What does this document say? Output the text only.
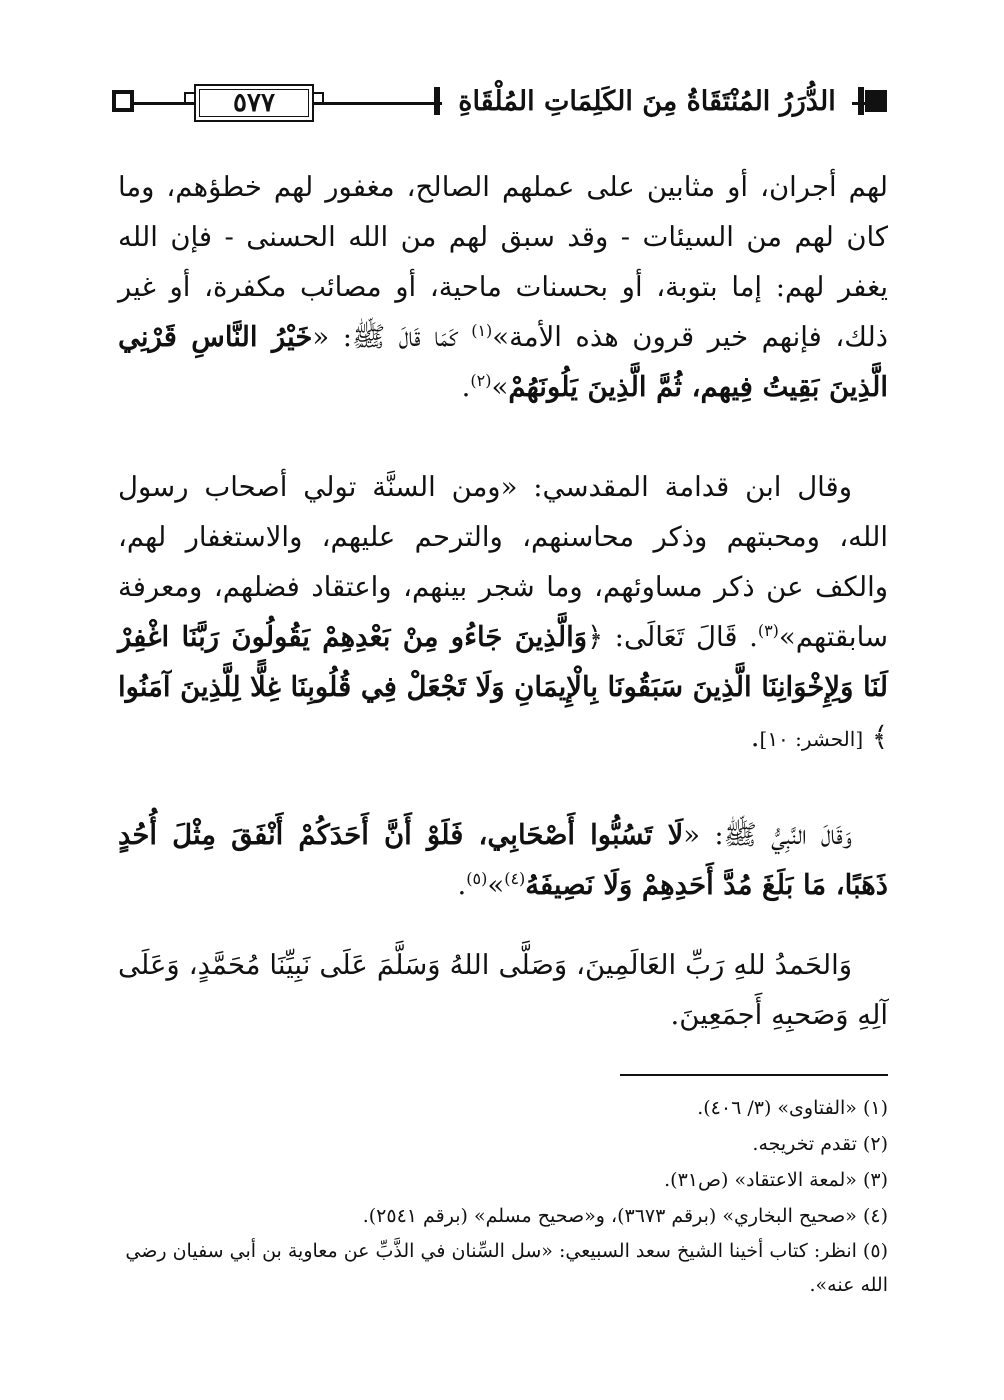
٥٧٧	الدُّرَرُ المُنْتَقَاةُ مِنَ الكَلِمَاتِ المُلْقَاةِ

لهم أجران، أو مثابين على عملهم الصالح، مغفور لهم خطؤهم، وما كان لهم من السيئات - وقد سبق لهم من الله الحسنى - فإن الله يغفر لهم: إما بتوبة، أو بحسنات ماحية، أو مصائب مكفرة، أو غير ذلك، فإنهم خير قرون هذه الأمة»$^{(١)}$ كَمَا قَالَ ﷺ: «خَيْرُ النَّاسِ قَرْنِي الَّذِينَ بَقِيتُ فِيهم، ثُمَّ الَّذِينَ يَلُونَهُمْ»$^{(٢)}$.

وقال ابن قدامة المقدسي: «ومن السنَّة تولي أصحاب رسول الله، ومحبتهم وذكر محاسنهم، والترحم عليهم، والاستغفار لهم، والكف عن ذكر مساوئهم، وما شجر بينهم، واعتقاد فضلهم، ومعرفة سابقتهم»$^{(٣)}$. قَالَ تَعَالَى: ﴿وَالَّذِينَ جَاءُو مِنْ بَعْدِهِمْ يَقُولُونَ رَبَّنَا اغْفِرْ لَنَا وَلِإِخْوَانِنَا الَّذِينَ سَبَقُونَا بِالْإِيمَانِ وَلَا تَجْعَلْ فِي قُلُوبِنَا غِلًّا لِلَّذِينَ آمَنُوا ﴾ [الحشر: ١٠].

وَقَالَ النَّبِيُّ ﷺ: «لَا تَسُبُّوا أَصْحَابِي، فَلَوْ أَنَّ أَحَدَكُمْ أَنْفَقَ مِثْلَ أُحُدٍ ذَهَبًا، مَا بَلَغَ مُدَّ أَحَدِهِمْ وَلَا نَصِيفَهُ$^{(٤)}$»$^{(٥)}$.

وَالحَمدُ للهِ رَبِّ العَالَمِينَ، وَصَلَّى اللهُ وَسَلَّمَ عَلَى نَبِيِّنَا مُحَمَّدٍ، وَعَلَى آلِهِ وَصَحبِهِ أَجمَعِينَ.

(١) «الفتاوى» (٣/ ٤٠٦).

(٢) تقدم تخريجه.

(٣) «لمعة الاعتقاد» (ص٣١).

(٤) «صحيح البخاري» (برقم ٣٦٧٣)، و«صحيح مسلم» (برقم ٢٥٤١).

(٥) انظر: كتاب أخينا الشيخ سعد السبيعي: «سل السِّنان في الذَّبِّ عن معاوية بن أبي سفيان رضي الله عنه».
